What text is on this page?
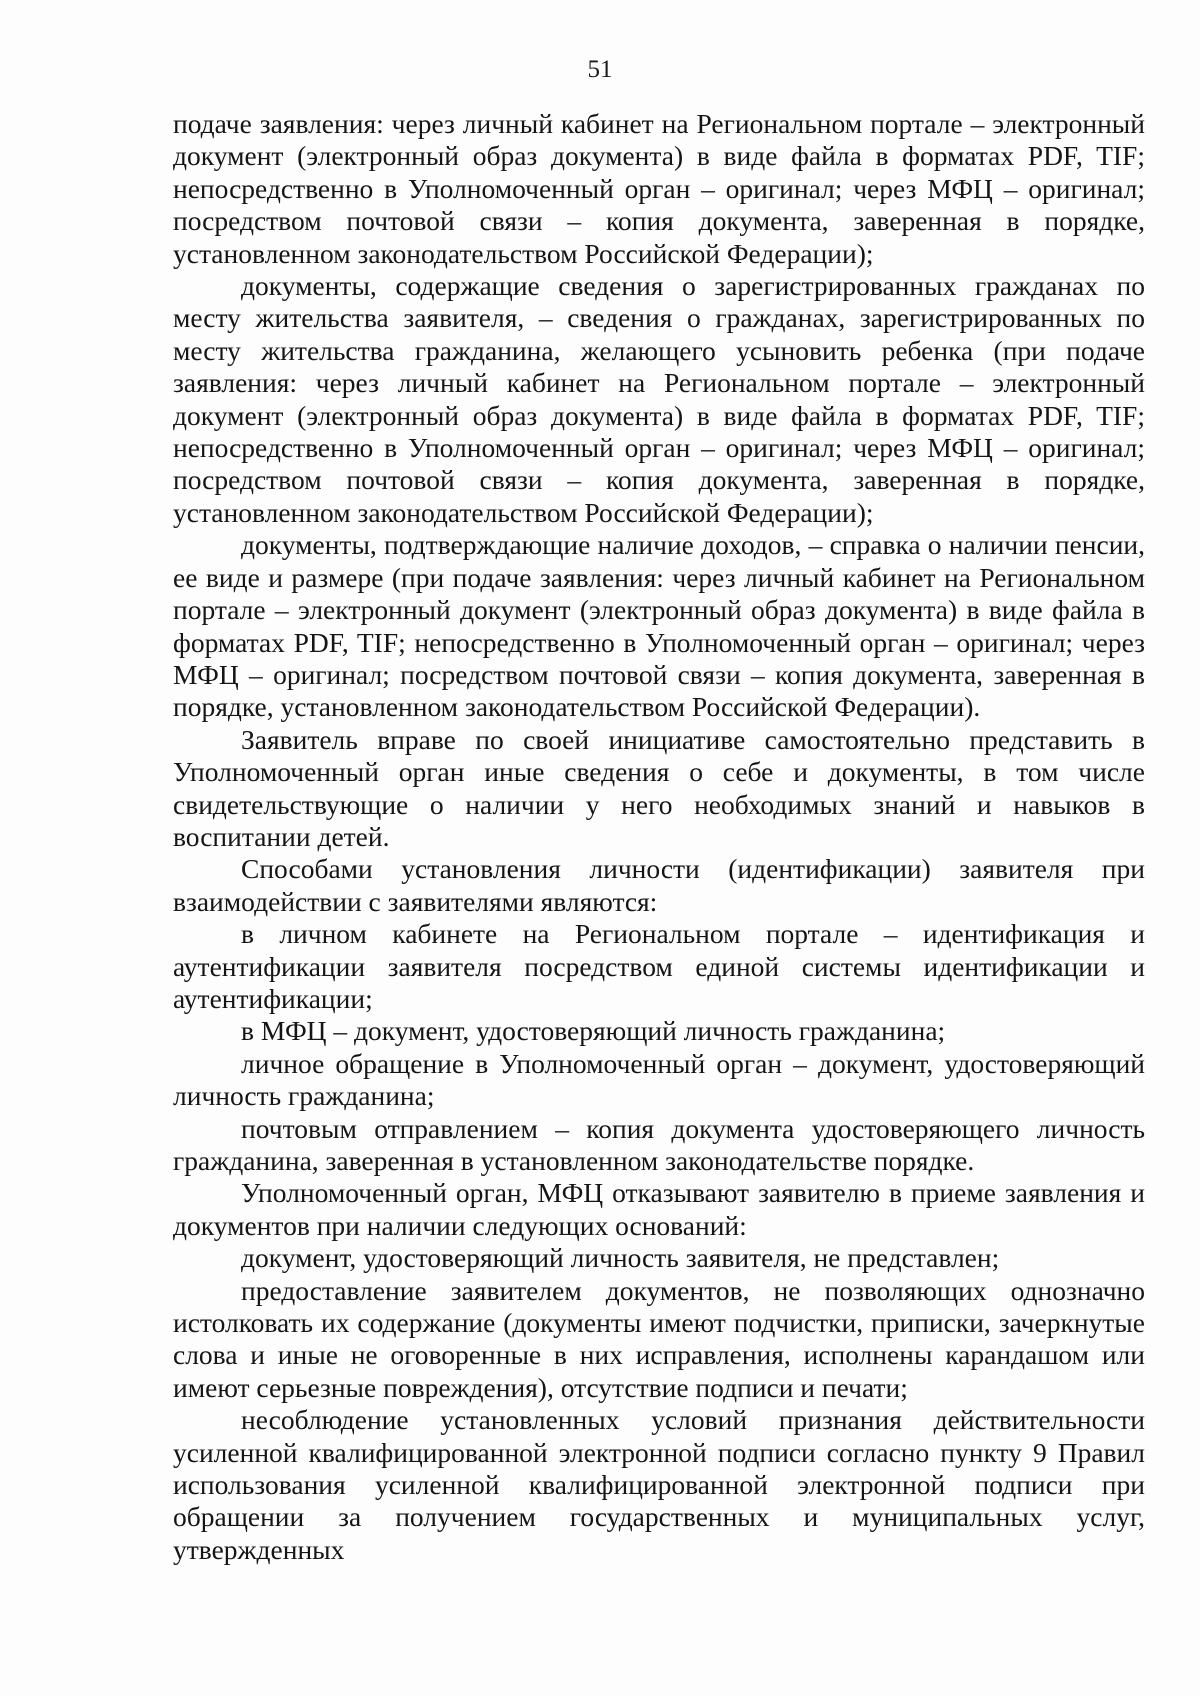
51

подаче заявления: через личный кабинет на Региональном портале – электронный документ (электронный образ документа) в виде файла в форматах PDF, TIF; непосредственно в Уполномоченный орган – оригинал; через МФЦ – оригинал; посредством почтовой связи – копия документа, заверенная в порядке, установленном законодательством Российской Федерации);

документы, содержащие сведения о зарегистрированных гражданах по месту жительства заявителя, – сведения о гражданах, зарегистрированных по месту жительства гражданина, желающего усыновить ребенка (при подаче заявления: через личный кабинет на Региональном портале – электронный документ (электронный образ документа) в виде файла в форматах PDF, TIF; непосредственно в Уполномоченный орган – оригинал; через МФЦ – оригинал; посредством почтовой связи – копия документа, заверенная в порядке, установленном законодательством Российской Федерации);

документы, подтверждающие наличие доходов, – справка о наличии пенсии, ее виде и размере (при подаче заявления: через личный кабинет на Региональном портале – электронный документ (электронный образ документа) в виде файла в форматах PDF, TIF; непосредственно в Уполномоченный орган – оригинал; через МФЦ – оригинал; посредством почтовой связи – копия документа, заверенная в порядке, установленном законодательством Российской Федерации).

Заявитель вправе по своей инициативе самостоятельно представить в Уполномоченный орган иные сведения о себе и документы, в том числе свидетельствующие о наличии у него необходимых знаний и навыков в воспитании детей.

Способами установления личности (идентификации) заявителя при взаимодействии с заявителями являются:

в личном кабинете на Региональном портале – идентификация и аутентификации заявителя посредством единой системы идентификации и аутентификации;

в МФЦ – документ, удостоверяющий личность гражданина;

личное обращение в Уполномоченный орган – документ, удостоверяющий личность гражданина;

почтовым отправлением – копия документа удостоверяющего личность гражданина, заверенная в установленном законодательстве порядке.

Уполномоченный орган, МФЦ отказывают заявителю в приеме заявления и документов при наличии следующих оснований:

документ, удостоверяющий личность заявителя, не представлен;

предоставление заявителем документов, не позволяющих однозначно истолковать их содержание (документы имеют подчистки, приписки, зачеркнутые слова и иные не оговоренные в них исправления, исполнены карандашом или имеют серьезные повреждения), отсутствие подписи и печати;

несоблюдение установленных условий признания действительности усиленной квалифицированной электронной подписи согласно пункту 9 Правил использования усиленной квалифицированной электронной подписи при обращении за получением государственных и муниципальных услуг, утвержденных
